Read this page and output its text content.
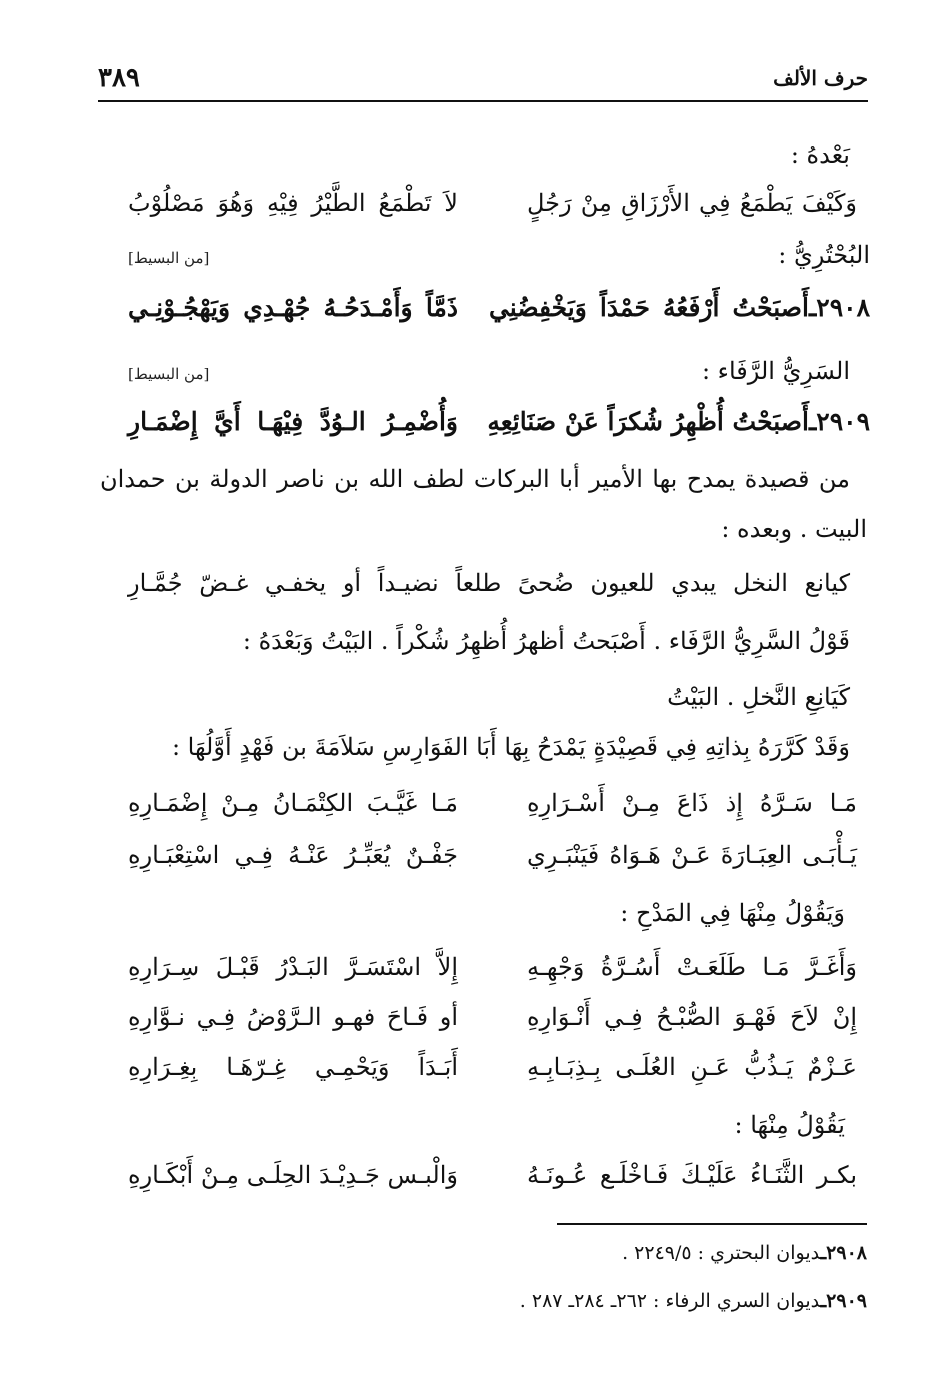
حرف الألف
٣٨٩
بَعْدهُ :
وَكَيْفَ يَطْمَعُ فِي الأَرْزَاقِ مِنْ رَجُلٍ
لاَ تَطْمَعُ الطَّيْرُ فِيْهِ وَهُوَ مَصْلُوْبُ
البُحْتُرِيُّ :
[من البسيط]
٢٩٠٨ـ
أَصبَحْتُ أَرْفَعُهُ حَمْدَاً وَيَخْفِضُنِي
ذَمَّاً وَأَمْـدَحُـهُ جُهْـدِي وَيَهْجُـوْنِـي
السَرِيُّ الرَّفَاء :
[من البسيط]
٢٩٠٩ـ
أَصبَحْتُ أُظْهِرُ شُكرَاً عَنْ صَنَائِعِهِ
وَأُضْمِـرُ الـوُدَّ فِيْهَـا أَيَّ إِضْمَـارِ
من قصيدة يمدح بها الأمير أبا البركات لطف الله بن ناصر الدولة بن حمدان
البيت . وبعده :
كيانع النخل يبدي للعيون ضُحىً طلعاً نضيـداً أو يخفـي غـضّ جُمَّـارِ
قَوْلُ السَّرِيُّ الرَّفَاء . أَصْبَحتُ أظهرُ أُظهِرُ شُكْراً . البَيْتُ وَبَعْدَهُ :
كَيَانِعِ النَّخلِ . البَيْتُ
وَقَدْ كَرَّرَهُ بِذاتِهِ فِي قَصِيْدَةٍ يَمْدَحُ بِهَا أَبَا الفَوَارِسِ سَلاَمَةَ بن فَهْدٍ أَوَّلُهَا :
مَـا سَـرَّهُ إِذ ذَاعَ مِـنْ أَسْـرَارِهِ
مَـا غَيَّـبَ الكِتْمَـانُ مِـنْ إِضْمَـارِهِ
يَـأْبَـى العِبَـارَةَ عَـنْ هَـوَاهُ فَيَنْبَـرِي
جَفْـنٌ يُعَبِّـرُ عَنْـهُ فِـي اسْتِعْبَـارِهِ
وَيَقُوْلُ مِنْهَا فِي المَدْحِ :
وَأَغَـرَّ مَـا طَلَعَـتْ أَسُـرَّةُ وَجْهِـهِ
إِلاَّ اسْتَسَـرَّ البَـدْرُ قَبْـلَ سِـرَارِهِ
إِنْ لاَحَ فَهْـوَ الصُّبْـحُ فِـي أَنْـوَارِهِ
أو فَـاحَ فهـو الـرَّوْضُ فِـي نـوَّارِهِ
عَـزْمٌ يَـذُبُّ عَـنِ العُلَـى بِـذِبَـابِـهِ
أَبَـدَاً وَيَحْمِـي غِـرّهَـا بِغِـرَارِهِ
يَقُوْلُ مِنْهَا :
بكـر الثَّنَـاءُ عَلَيْـكَ فَـاخْلَـع عُـونَـهُ
وَالْبـس جَـدِيْـدَ الحِلَـى مِـنْ أَبْكَـارِهِ
٢٩٠٨ـديوان البحتري : ٢٢٤٩/٥ .
٢٩٠٩ـديوان السري الرفاء : ٢٦٢ـ ٢٨٤ـ ٢٨٧ .
